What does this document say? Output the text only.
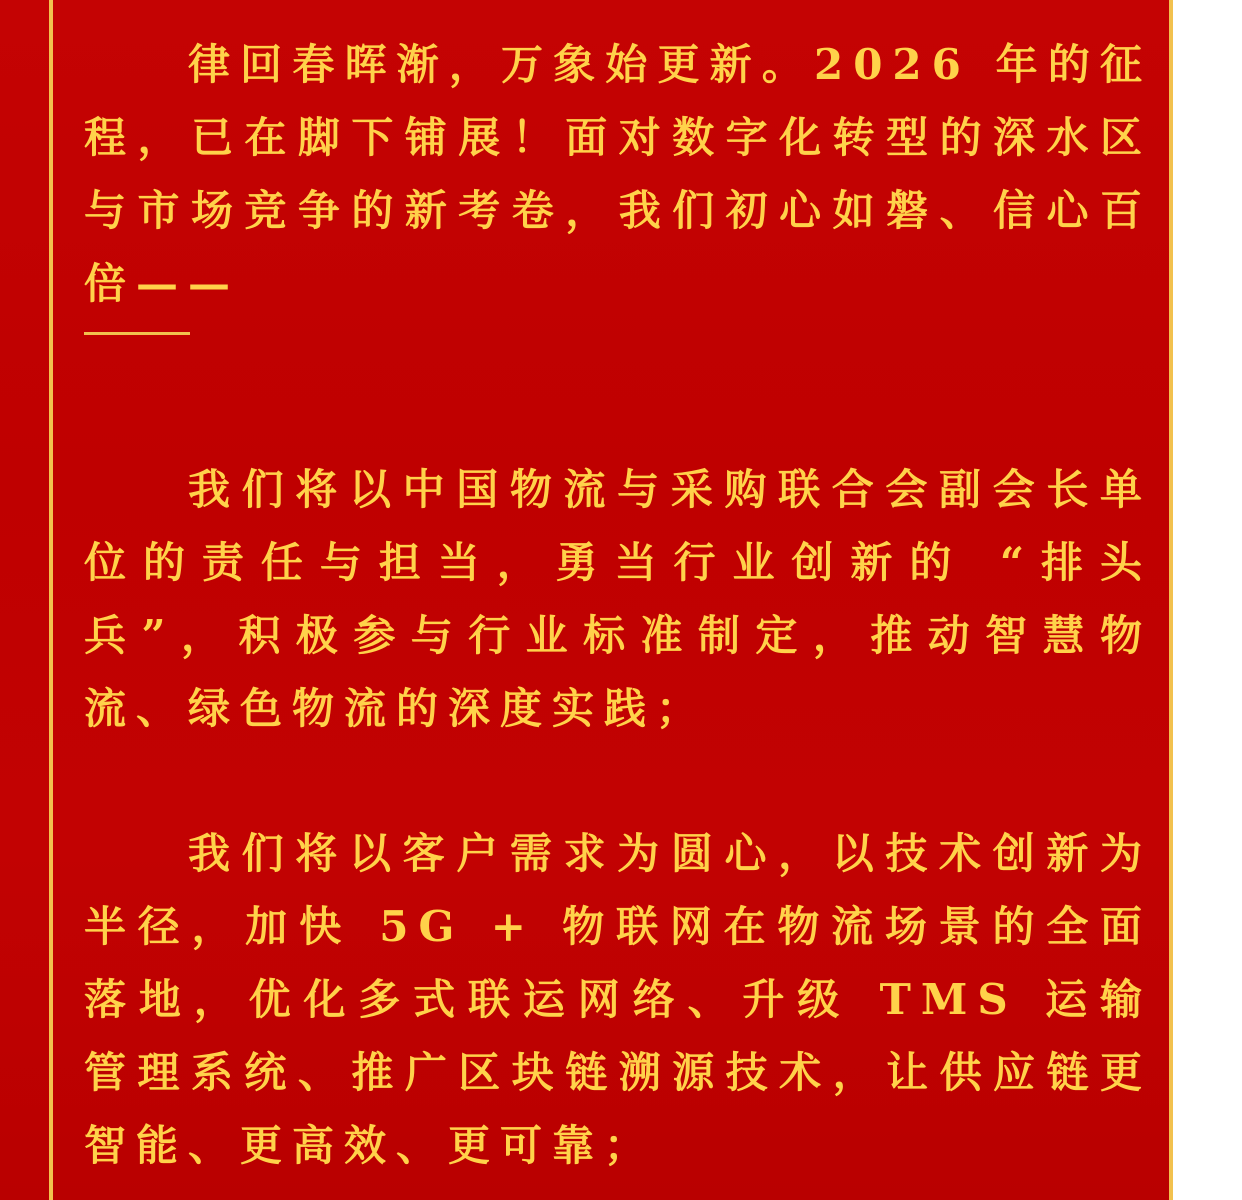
律回春晖渐，万象始更新。2026 年的征程，已在脚下铺展！面对数字化转型的深水区与市场竞争的新考卷，我们初心如磐、信心百倍——

我们将以中国物流与采购联合会副会长单位的责任与担当，勇当行业创新的 “排头兵”，积极参与行业标准制定，推动智慧物流、绿色物流的深度实践；

我们将以客户需求为圆心，以技术创新为半径，加快 5G + 物联网在物流场景的全面落地，优化多式联运网络、升级 TMS 运输管理系统、推广区块链溯源技术，让供应链更智能、更高效、更可靠；
